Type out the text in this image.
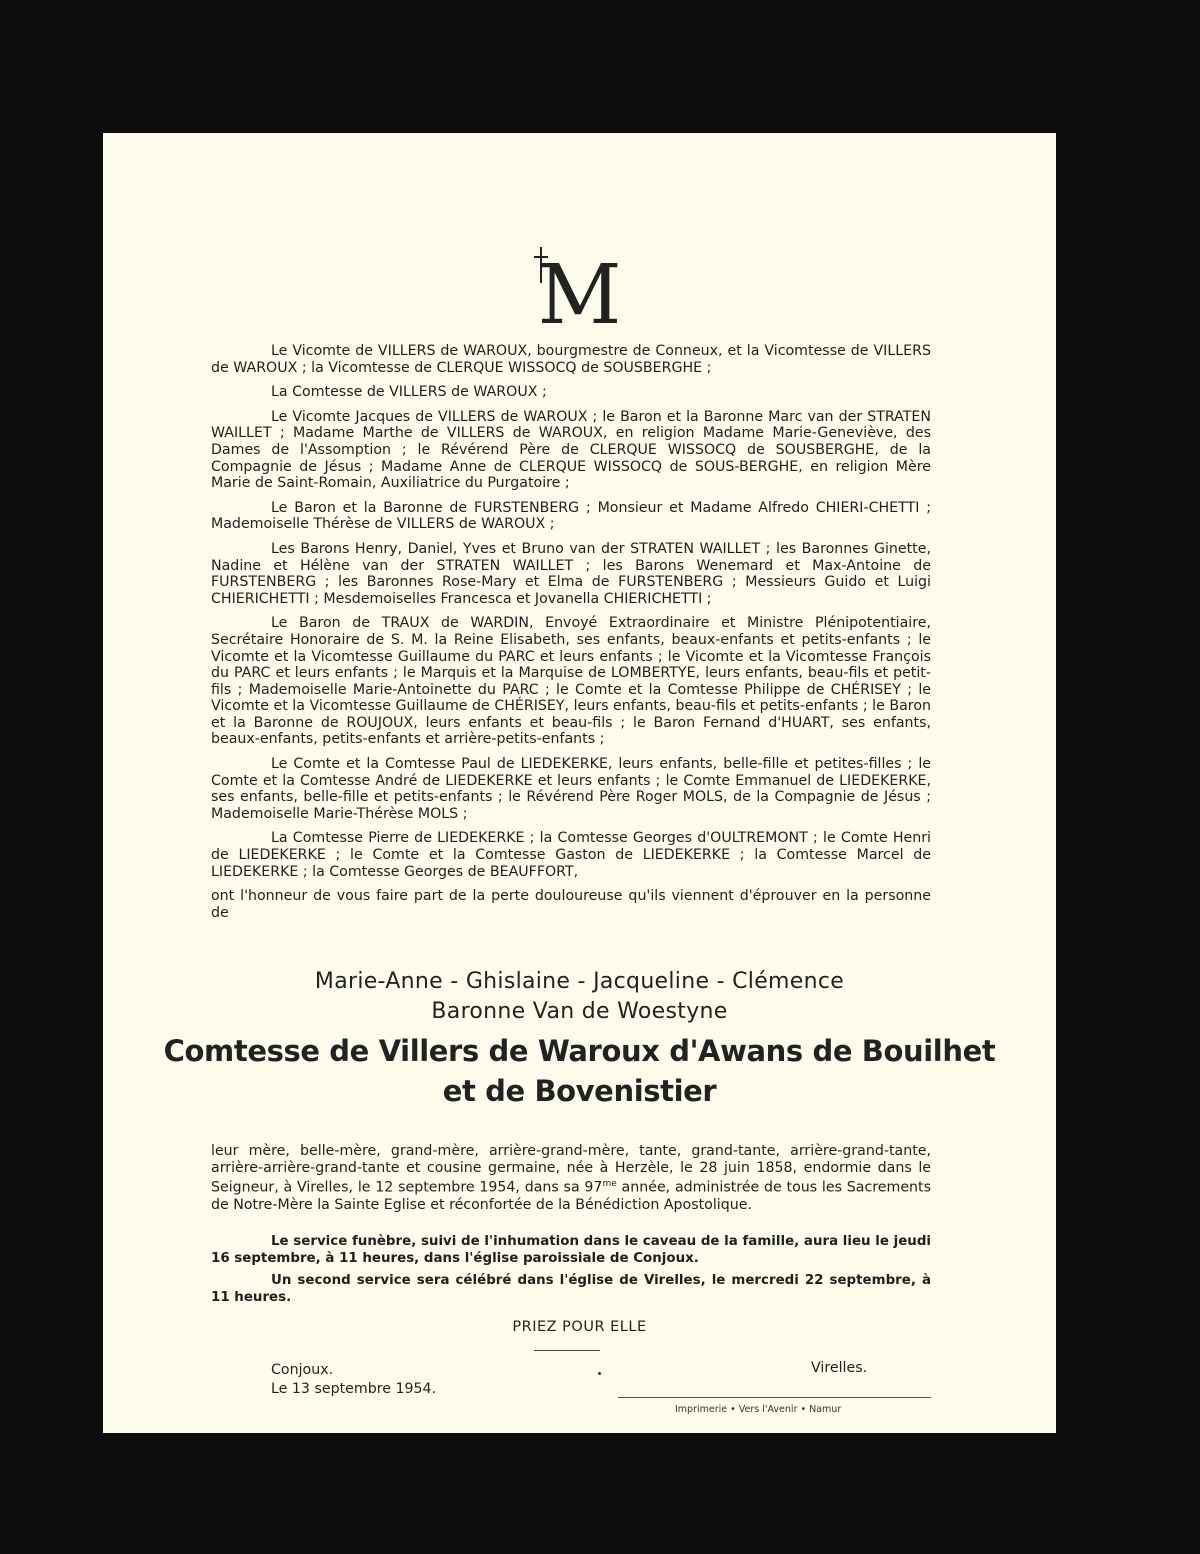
M

Le Vicomte de VILLERS de WAROUX, bourgmestre de Conneux, et la Vicomtesse de VILLERS de WAROUX ; la Vicomtesse de CLERQUE WISSOCQ de SOUSBERGHE ;

La Comtesse de VILLERS de WAROUX ;

Le Vicomte Jacques de VILLERS de WAROUX ; le Baron et la Baronne Marc van der STRATEN WAILLET ; Madame Marthe de VILLERS de WAROUX, en religion Madame Marie-Geneviève, des Dames de l'Assomption ; le Révérend Père de CLERQUE WISSOCQ de SOUSBERGHE, de la Compagnie de Jésus ; Madame Anne de CLERQUE WISSOCQ de SOUS-BERGHE, en religion Mère Marie de Saint-Romain, Auxiliatrice du Purgatoire ;

Le Baron et la Baronne de FURSTENBERG ; Monsieur et Madame Alfredo CHIERI-CHETTI ; Mademoiselle Thérèse de VILLERS de WAROUX ;

Les Barons Henry, Daniel, Yves et Bruno van der STRATEN WAILLET ; les Baronnes Ginette, Nadine et Hélène van der STRATEN WAILLET ; les Barons Wenemard et Max-Antoine de FURSTENBERG ; les Baronnes Rose-Mary et Elma de FURSTENBERG ; Messieurs Guido et Luigi CHIERICHETTI ; Mesdemoiselles Francesca et Jovanella CHIERICHETTI ;

Le Baron de TRAUX de WARDIN, Envoyé Extraordinaire et Ministre Plénipotentiaire, Secrétaire Honoraire de S. M. la Reine Elisabeth, ses enfants, beaux-enfants et petits-enfants ; le Vicomte et la Vicomtesse Guillaume du PARC et leurs enfants ; le Vicomte et la Vicomtesse François du PARC et leurs enfants ; le Marquis et la Marquise de LOMBERTYE, leurs enfants, beau-fils et petit-fils ; Mademoiselle Marie-Antoinette du PARC ; le Comte et la Comtesse Philippe de CHÉRISEY ; le Vicomte et la Vicomtesse Guillaume de CHÉRISEY, leurs enfants, beau-fils et petits-enfants ; le Baron et la Baronne de ROUJOUX, leurs enfants et beau-fils ; le Baron Fernand d'HUART, ses enfants, beaux-enfants, petits-enfants et arrière-petits-enfants ;

Le Comte et la Comtesse Paul de LIEDEKERKE, leurs enfants, belle-fille et petites-filles ; le Comte et la Comtesse André de LIEDEKERKE et leurs enfants ; le Comte Emmanuel de LIEDEKERKE, ses enfants, belle-fille et petits-enfants ; le Révérend Père Roger MOLS, de la Compagnie de Jésus ; Mademoiselle Marie-Thérèse MOLS ;

La Comtesse Pierre de LIEDEKERKE ; la Comtesse Georges d'OULTREMONT ; le Comte Henri de LIEDEKERKE ; le Comte et la Comtesse Gaston de LIEDEKERKE ; la Comtesse Marcel de LIEDEKERKE ; la Comtesse Georges de BEAUFFORT,

ont l'honneur de vous faire part de la perte douloureuse qu'ils viennent d'éprouver en la personne de

Marie-Anne - Ghislaine - Jacqueline - Clémence
Baronne Van de Woestyne
Comtesse de Villers de Waroux d'Awans de Bouilhet
et de Bovenistier
leur mère, belle-mère, grand-mère, arrière-grand-mère, tante, grand-tante, arrière-grand-tante, arrière-arrière-grand-tante et cousine germaine, née à Herzèle, le 28 juin 1858, endormie dans le Seigneur, à Virelles, le 12 septembre 1954, dans sa $97^{me}$ année, administrée de tous les Sacrements de Notre-Mère la Sainte Eglise et réconfortée de la Bénédiction Apostolique.

Le service funèbre, suivi de l'inhumation dans le caveau de la famille, aura lieu le jeudi 16 septembre, à 11 heures, dans l'église paroissiale de Conjoux.

Un second service sera célébré dans l'église de Virelles, le mercredi 22 septembre, à 11 heures.

PRIEZ POUR ELLE
Conjoux.
Le 13 septembre 1954.
Virelles.
Imprimerie • Vers l'Avenir • Namur
